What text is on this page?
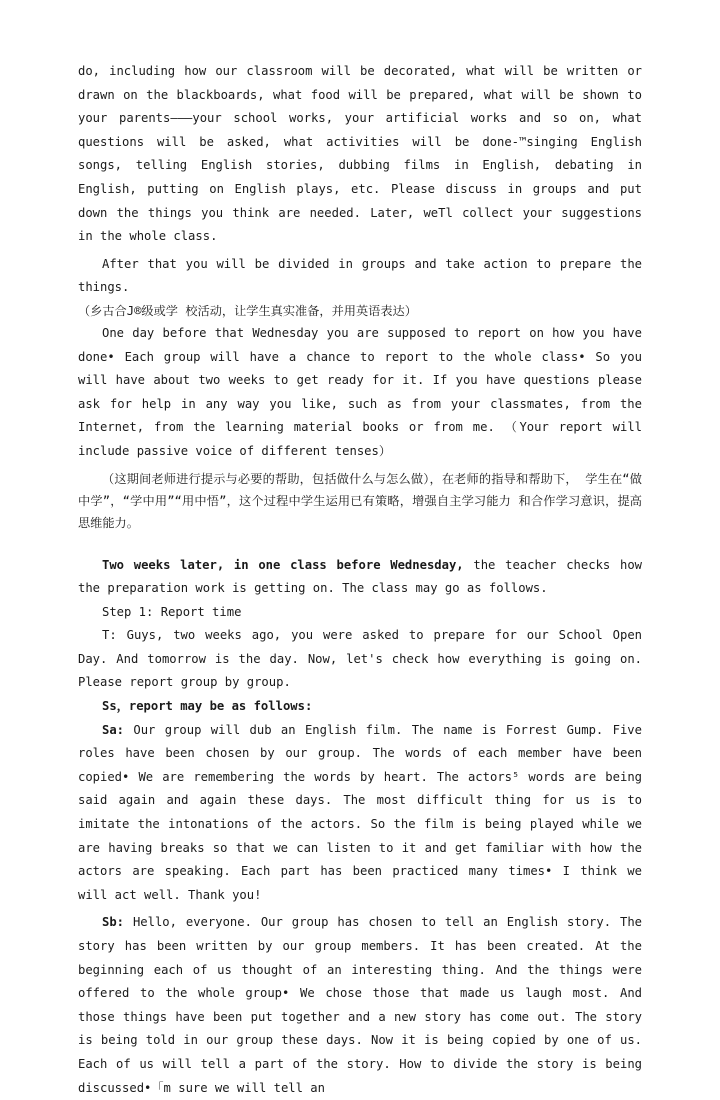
do, including how our classroom will be decorated, what will be written or drawn on the blackboards, what food will be prepared, what will be shown to your parents———your school works, your artificial works and so on, what questions will be asked, what activities will be done-™singing English songs, telling English stories, dubbing films in English, debating in English, putting on English plays, etc. Please discuss in groups and put down the things you think are needed. Later, weTl collect your suggestions in the whole class.

After that you will be divided in groups and take action to prepare the things.

（乡古合J®级或学 校活动，让学生真实准备，并用英语表达）

One day before that Wednesday you are supposed to report on how you have done• Each group will have a chance to report to the whole class• So you will have about two weeks to get ready for it. If you have questions please ask for help in any way you like, such as from your classmates, from the Internet, from the learning material books or from me. （Your report will include passive voice of different tenses）

（这期间老师进行提示与必要的帮助，包括做什么与怎么做），在老师的指导和帮助下， 学生在“做中学”，“学中用”“用中悟”，这个过程中学生运用已有策略，增强自主学习能力 和合作学习意识，提高思维能力。

Two weeks later, in one class before Wednesday, the teacher checks how the preparation work is getting on. The class may go as follows.

Step 1: Report time

T: Guys, two weeks ago, you were asked to prepare for our School Open Day. And tomorrow is the day. Now, let's check how everything is going on. Please report group by group.

Ss，report may be as follows:

Sa: Our group will dub an English film. The name is Forrest Gump. Five roles have been chosen by our group. The words of each member have been copied• We are remembering the words by heart. The actors⁵ words are being said again and again these days. The most difficult thing for us is to imitate the intonations of the actors. So the film is being played while we are having breaks so that we can listen to it and get familiar with how the actors are speaking. Each part has been practiced many times• I think we will act well. Thank you!

Sb: Hello, everyone. Our group has chosen to tell an English story. The story has been written by our group members. It has been created. At the beginning each of us thought of an interesting thing. And the things were offered to the whole group• We chose those that made us laugh most. And those things have been put together and a new story has come out. The story is being told in our group these days. Now it is being copied by one of us. Each of us will tell a part of the story. How to divide the story is being discussed•「m sure we will tell an
